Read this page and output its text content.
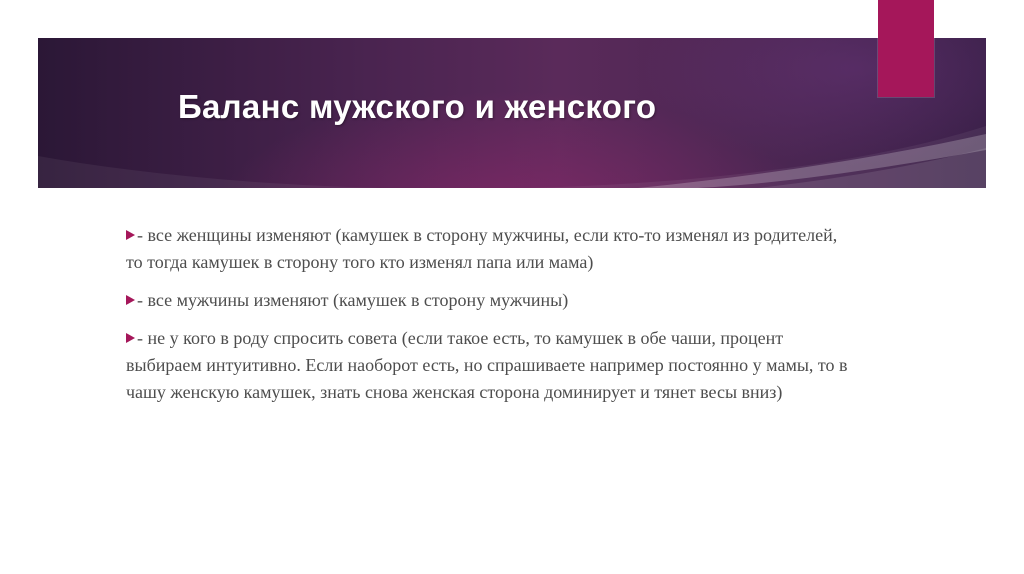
Баланс мужского и женского

- все женщины изменяют (камушек в сторону мужчины, если кто-то изменял из родителей, то тогда камушек в сторону того кто изменял папа или мама)

- все мужчины изменяют (камушек в сторону мужчины)

- не у кого в роду спросить совета (если такое есть, то камушек в обе чаши, процент выбираем интуитивно. Если наоборот есть, но спрашиваете например постоянно у мамы, то в чашу женскую камушек, знать снова женская сторона доминирует и тянет весы вниз)
